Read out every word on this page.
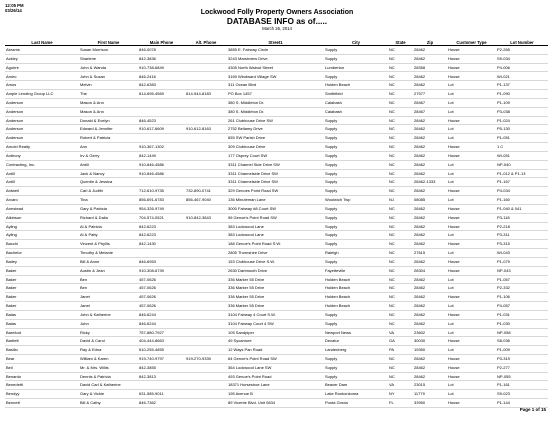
12:05 PM
03/26/14	Lockwood Folly Property Owners Association
DATABASE INFO as of.....
March 26, 2014
Last Name	First Name	Main Phone	Alt. Phone	Street1	City	State	Zip	Customer Type	Lot Number
Abrams	Susan Morrison	846-0078		3855 E. Fairway Circle	Supply	NC	28462	House	P2-265
Ackley	Sharlene	842-3836		3243 Marshview Drive	Supply	NC	28462	House	S9-034
Aguirre	John & Wanda	910-738-6849		4305 North Walnut Street	Lumberton	NC	28358	House	P4-006
Amiro	John & Susan	846-2416		3169 Windward Village SW	Supply	NC	28462	House	WI-021
Amos	Melvin	842-6383		311 Ocean Blvd	Holden Beach	NC	28462	Lot	P1-137
Ample Lending Group LLC	The	814-695-4569	814-944-8183	PO Box 1457	Smithfield	NC	27577	Lot	P1-090
Anderson	Mason & Ann			380 S. Middleton Dr.	Calabash	NC	28467	Lot	P1-109
Anderson	Mason & Ann			380 S. Middleton Dr.	Calabash	NC	28467	Lot	P3-038
Anderson	Donald & Evelyn	846-4523		261 Clubhouse Drive SW	Supply	NC	28462	House	P1-024
Anderson	Edward & Jennifer	910-617-6609	910-612-8163	2752 Bellamy Drive	Supply	NC	28462	Lot	P5-130
Anderson	Robert & Patricia			655 SW Parish Drive	Supply	NC	28462	Lot	P1-051
Arnold Realty	Ann	910-367-1302		309 Clubhouse Drive	Supply	NC	28462	House	1 C
Anthony	Irv & Gerry	842-1449		177 Osprey Court SW	Supply	NC	28462	House	WI-051
Contracting, Inc.	Antill	910-846-4586		3311 Channel Side Drive SW	Supply	NC	28462	Lot	NP-040
Antill	Jack & Nancy	910-846-4586		3311 Channelside Drive SW	Supply	NC	28462	Lot	P1-012 & P1-13
Antill	Quentin & Jessica			3311 Channelside Drive SW	Supply	NC	28462-1333	Lot	P1-167
Antwell	Carl & Judith	712-610-9735	732-890-0741	329 Genoes Point Road SW	Supply	NC	28462	House	P4-034
Arcaro	Tina	856-691-6783	856-467-9040	136 Minuteman Lane	Woolwich Twp	NJ	08085	Lot	P1-160
Armstead	Gary & Patricia	954-326-9749		3000 Fairway #8 Court SW	Supply	NC	28462	House	P1-040 & 041
Atkinson	Richard & Dalia	704-574-0521	910-842-3843	96 Genoe's Point Road SW	Supply	NC	28462	House	P3-118
Ayling	Al & Patricia	842-6223		383 Lockwood Lane	Supply	NC	28462	House	P2-218
Ayling	Al & Patty	842-6223		383 Lockwood Lane	Supply	NC	28462	Lot	P3-311
Bacchi	Vincent & Phyllis	842-1430		188 Genoe's Point Road S.W.	Supply	NC	28462	House	P3-315
Bachelor	Timothy & Melanie			2805 Thornshire Drive	Raleigh	NC	27615	Lot	WI-043
Bailey	Bill & Anne	846-6953		153 Clubhouse Drive S.W.	Supply	NC	28462	House	P1-079
Baker	Austin & Jean	910-308-6739		2630 Dartmouth Drive	Fayetteville	NC	28304	House	NP-043
Baker	Ben	457-0626		336 Marker 55 Drive	Holden Beach	NC	28462	Lot	P1-057
Baker	Ben	457-0626		336 Marker 55 Drive	Holden Beach	NC	28462	Lot	P2-332
Baker	Janet	457-0626		336 Marker 55 Drive	Holden Beach	NC	28462	House	P1-106
Baker	Janet	457-0626		336 Marker 55 Drive	Holden Beach	NC	28462	Lot	P4-057
Balas	John & Katherine	846-6244		3104 Fairway 4 Court S.W.	Supply	NC	28462	House	P1-031
Balas	John	846-6244		3104 Fairway Court 4 SW	Supply	NC	28462	Lot	P1-030
Barefoot	Ricky	757-880-7927		105 Sandpiper	Newport News	VA	23602	Lot	NP-058
Bartlett	David & Carol	404-444-8663		49 Sycamore	Decatur	GA	30030	House	S8-036
Basilio	Ray & Edna	610-255-4855		12 Ways Pan Road	Landenberg	PA	19350	Lot	P1-009
Bear	William & Karen	919-740-9797	919-270-9339	64 Genoe's Point Road SW	Supply	NC	28462	House	P3-319
Bell	Mr. & Mrs. Willis	842-3855		364 Lockwood Lane SW	Supply	NC	28462	House	P2-277
Benardo	Dennis & Patricia	842-3813		493 Genoe's Point Road	Supply	NC	28462	House	NP-055
Benedetti	David Carl & Katherine			18371 Horseshoe Lane	Beaver Dam	VA	23015	Lot	P1-161
Bendyy	Gary & Vickie	631-585-9011		195 Avenue B	Lake Ronkonkoma	NY	11779	Lot	S9-023
Bennett	Bill & Cathy	846-7362		89 Vicente Blvd. Unit 0834	Punta Gorda	FL	33950	House	P1-144
Page 1 of 15
